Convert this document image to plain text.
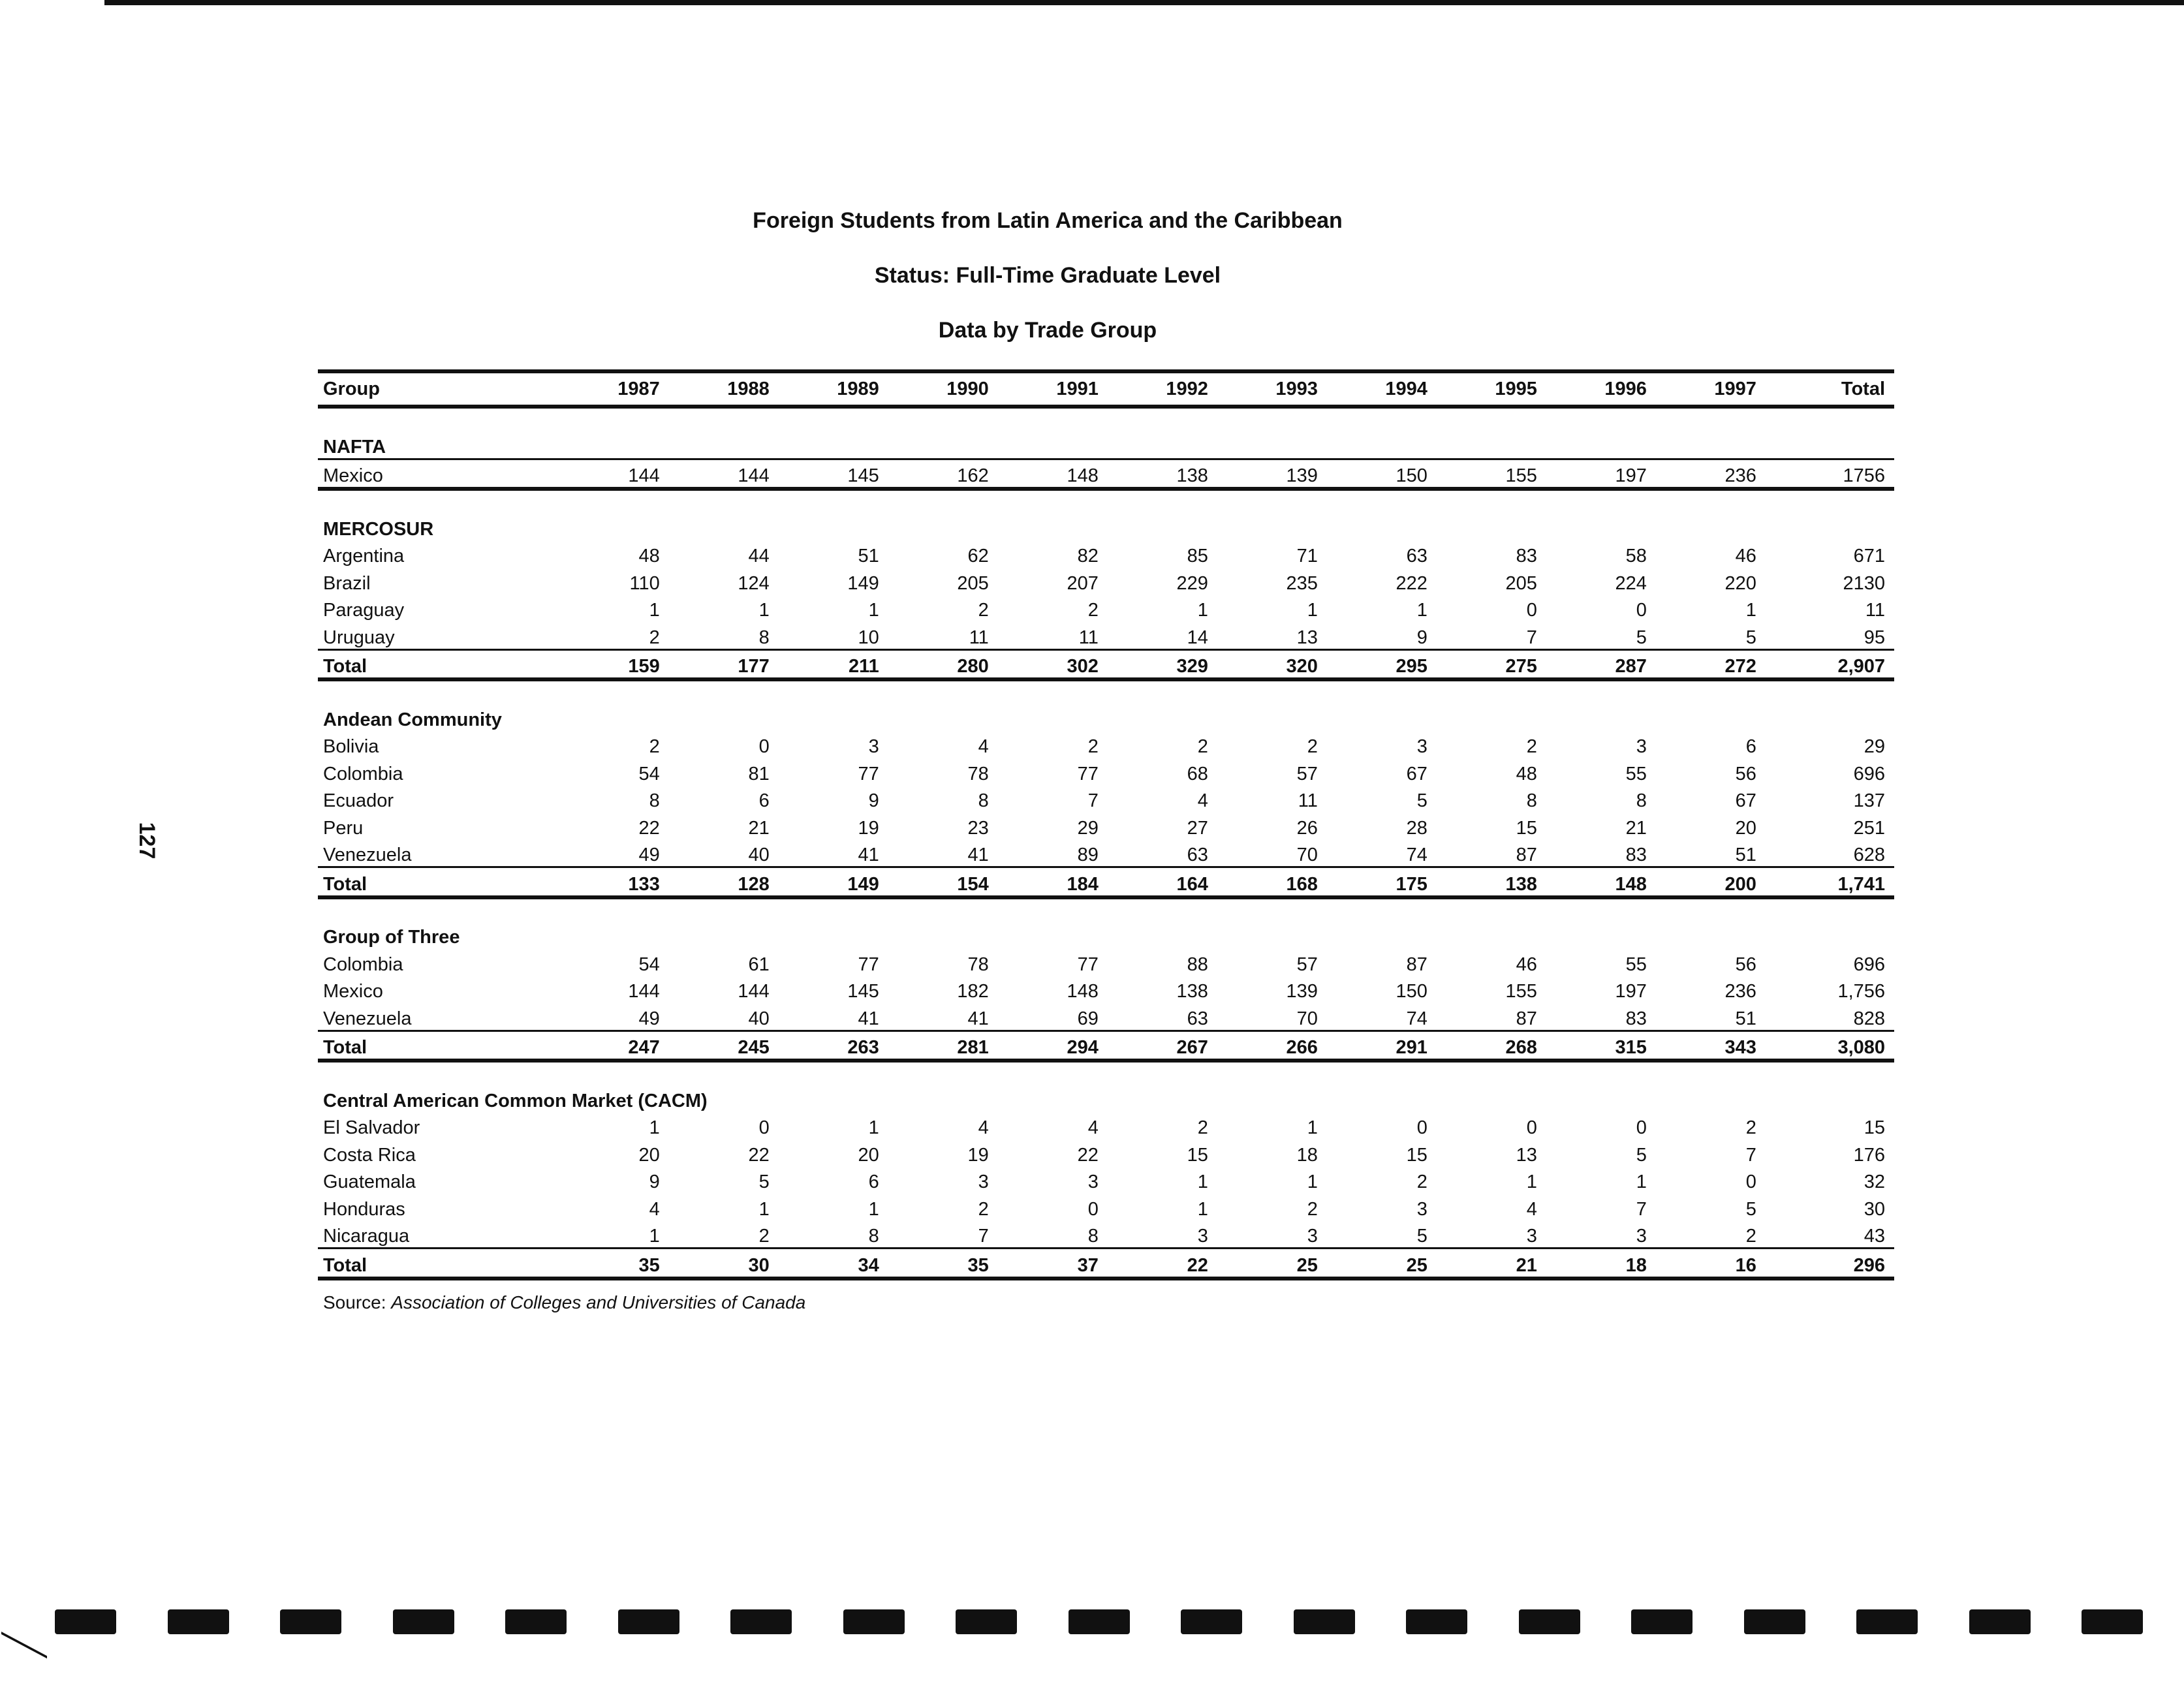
127
Foreign Students from Latin America and the Caribbean
Status: Full-Time Graduate Level
Data by Trade Group
Group	1987	1988	1989	1990	1991	1992	1993	1994	1995	1996	1997	Total
NAFTA
Mexico	144	144	145	162	148	138	139	150	155	197	236	1756
MERCOSUR
Argentina	48	44	51	62	82	85	71	63	83	58	46	671
Brazil	110	124	149	205	207	229	235	222	205	224	220	2130
Paraguay	1	1	1	2	2	1	1	1	0	0	1	11
Uruguay	2	8	10	11	11	14	13	9	7	5	5	95
Total	159	177	211	280	302	329	320	295	275	287	272	2,907
Andean Community
Bolivia	2	0	3	4	2	2	2	3	2	3	6	29
Colombia	54	81	77	78	77	68	57	67	48	55	56	696
Ecuador	8	6	9	8	7	4	11	5	8	8	67	137
Peru	22	21	19	23	29	27	26	28	15	21	20	251
Venezuela	49	40	41	41	89	63	70	74	87	83	51	628
Total	133	128	149	154	184	164	168	175	138	148	200	1,741
Group of Three
Colombia	54	61	77	78	77	88	57	87	46	55	56	696
Mexico	144	144	145	182	148	138	139	150	155	197	236	1,756
Venezuela	49	40	41	41	69	63	70	74	87	83	51	828
Total	247	245	263	281	294	267	266	291	268	315	343	3,080
Central American Common Market (CACM)
El Salvador	1	0	1	4	4	2	1	0	0	0	2	15
Costa Rica	20	22	20	19	22	15	18	15	13	5	7	176
Guatemala	9	5	6	3	3	1	1	2	1	1	0	32
Honduras	4	1	1	2	0	1	2	3	4	7	5	30
Nicaragua	1	2	8	7	8	3	3	5	3	3	2	43
Total	35	30	34	35	37	22	25	25	21	18	16	296
Source: Association of Colleges and Universities of Canada
